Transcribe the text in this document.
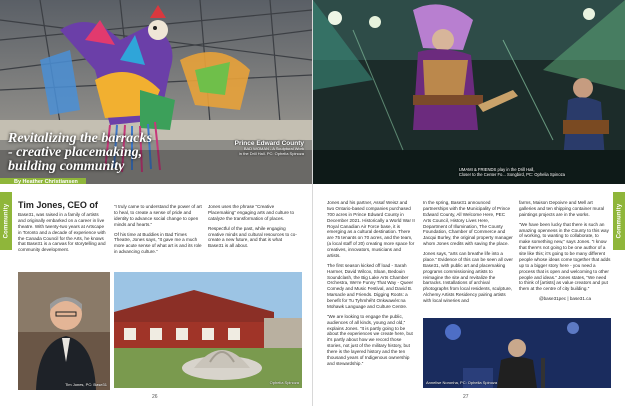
Revitalizing the barracks
- creative placemaking,
building community
By Heather Christiansen
Prince Edward County
BAD WOMAN - A Sculptural Work
in the Drill Hall. PC: Ophelia Spinoza
Community Tim Jones, CEO of

Base31, was raised in a family of artists and originally embarked on a career in live theatre. With twenty-two years at Artscape in Toronto and a decade of experience with the Canada Council for the Arts, he knows that Base31 is a canvas for storytelling and community development.

“I truly came to understand the power of art to heal, to create a sense of pride and identity to advance social change to open minds and hearts.”

Of his time at Buddies in Bad Times Theatre, Jones says, “It gave me a much more acute sense of what art is and its role in advancing culture.”

Jones uses the phrase “Creative Placemaking” engaging arts and culture to catalyze the transformation of places.

Respectful of the past, while engaging creative minds and cultural resources to co-create a new future, and that is what Base31 is all about.

Tim Jones, PC: Base31	Ophelia Spinoza
26
UMAMI & FRIENDS play in the Drill Hall,
Closer to the Center Fo... Songbird, PC: Ophelia Spinoza
Community

Jones and his partner, Assaf Weisz and two Ontario-based companies purchased 700 acres in Prince Edward County in December 2021. Historically a World War II Royal Canadian Air Force base, it is emerging as a cultural destination. There are 75 tenants on 70 acres, and the team, (a local staff of 20) creating more space for creatives, innovators, musicians and artists.

The first season kicked off load - Sarah Harmer, David Wilcox, Sloan, Bedouin Soundclash, the Big Lake Arts Chamber Orchestra, We're Funny That Way - Queer Comedy and Music Festival, and David B. Marsacle and Friends. Digging Roots: a benefit for Tu Tyhmhéht Onkwawén:na Mohawk Language and Culture Centre.

“We are looking to engage the public, audiences of all kinds, young and old,” explains Jones. “It is partly going to be about the experiences we create here, but it's partly about how we record those stories, not just of the military history, but there is the layered history and the ten thousand years of Indigenous ownership and stewardship.”

In the spring, Base31 announced partnerships with the Municipality of Prince Edward County, All Welcome Here, PEC Arts Council, History Lives Here, Department of Illumination, The County Foundation, Chamber of Commerce and Jacqui Burley, the original property manager whom Jones credits with saving the place.

Jones says, “arts can breathe life into a place.” Evidence of this can be seen all over Base31, with public art and placemaking programs commissioning artists to reimagine the site and revitalize the barracks. Installations of archival photographs from local residents, sculpture, Alchemy Artists Residency pairing artists with local wineries and

farms, Maison Depoivre and Mell art galleries and ten shipping container mural paintings projects are in the works.

“We have been lucky that there is such an amazing openness in the County to this way of working, to wanting to collaborate, to make something new,” says Jones. “I know that there's not going to be one author of a site like this; it's going to be many different people whose ideas come together that adds up to a bigger story here - you need a process that is open and welcoming to other people and ideas.” Jones states, “We need to think of [artists] as value creators and put them at the centre of city building.”

@base31pec | base31.ca

Annelise Noronha, PC: Ophelia Spinoza
27
